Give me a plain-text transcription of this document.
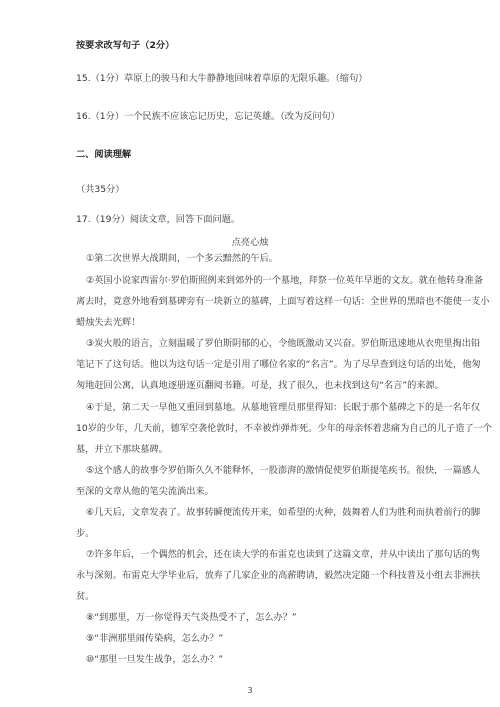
按要求改写句子（2分）
15.（1分）草原上的骏马和大牛静静地回味着草原的无限乐趣。（缩句）
16.（1分）一个民族不应该忘记历史，忘记英雄。（改为反问句）
二、阅读理解
（共35分）
17.（19分）阅读文章，回答下面问题。
点亮心烛
①第二次世界大战期间，一个多云黯然的午后。
②英国小说家西雷尔·罗伯斯照例来到郊外的一个墓地，拜祭一位英年早逝的文友。就在他转身准备
离去时，竟意外地看到墓碑旁有一块新立的墓碑，上面写着这样一句话：全世界的黑暗也不能使一支小
蜡烛失去光辉！
③炭火般的语言，立刻温暖了罗伯斯阴郁的心，令他既激动又兴奋。罗伯斯迅速地从衣兜里掏出铅
笔记下了这句话。他以为这句话一定是引用了哪位名家的“名言”。为了尽早查到这句话的出处，他匆
匆地赶回公寓，认真地逐册逐页翻阅书籍。可是，找了很久，也未找到这句“名言”的来源。
④于是，第二天一早他又重回到墓地。从墓地管理员那里得知：长眠于那个墓碑之下的是一名年仅
10岁的少年，几天前，德军空袭伦敦时，不幸被炸弹炸死。少年的母亲怀着悲痛为自己的儿子造了一个
墓，并立下那块墓碑。
⑤这个感人的故事令罗伯斯久久不能释怀，一股澎湃的激情促使罗伯斯提笔疾书。很快，一篇感人
至深的文章从他的笔尖流淌出来。
⑥几天后，文章发表了。故事转瞬便流传开来，如希望的火种，鼓舞着人们为胜利而执着前行的脚
步。
⑦许多年后，一个偶然的机会，还在读大学的布雷克也读到了这篇文章，并从中读出了那句话的隽
永与深刻。布雷克大学毕业后，放弃了几家企业的高薪聘请，毅然决定随一个科技普及小组去非洲扶
贫。
⑧“到那里，万一你觉得天气炎热受不了，怎么办？”
⑨“非洲那里闹传染病，怎么办？”
⑩“那里一旦发生战争，怎么办？”
3
